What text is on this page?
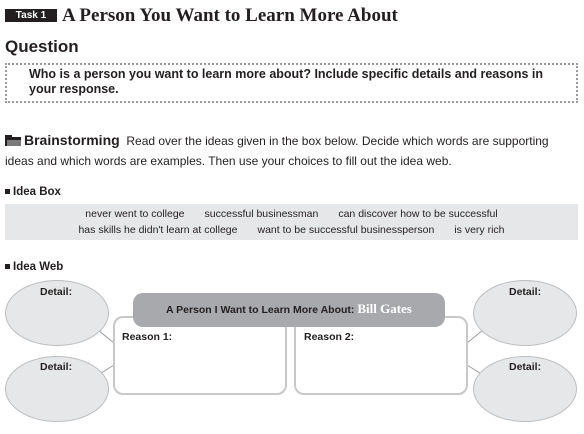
Task 1 A Person You Want to Learn More About
Question
Who is a person you want to learn more about? Include specific details and reasons in your response.
Brainstorming Read over the ideas given in the box below. Decide which words are supporting ideas and which words are examples. Then use your choices to fill out the idea web.
Idea Box
never went to college successful businessman can discover how to be successful
has skills he didn't learn at college want to be successful businessperson is very rich
Idea Web
Detail:
Detail:
Detail:
Detail:
Reason 1:	Reason 2:
A Person I Want to Learn More About: Bill Gates
